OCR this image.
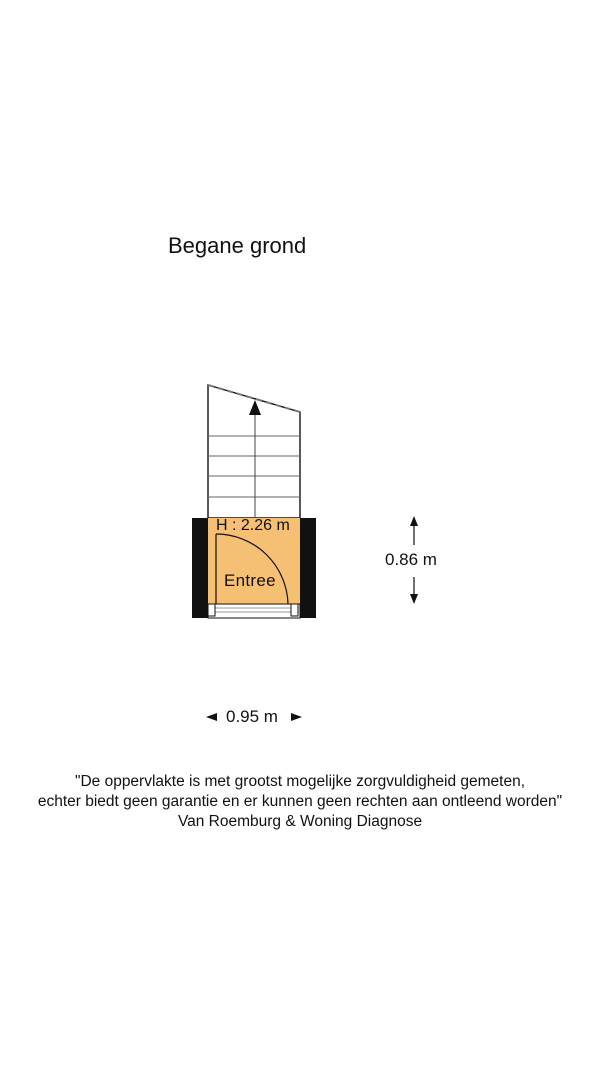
Begane grond
H : 2.26 m
Entree
0.86 m
0.95 m
"De oppervlakte is met grootst mogelijke zorgvuldigheid gemeten,
echter biedt geen garantie en er kunnen geen rechten aan ontleend worden"
Van Roemburg & Woning Diagnose
